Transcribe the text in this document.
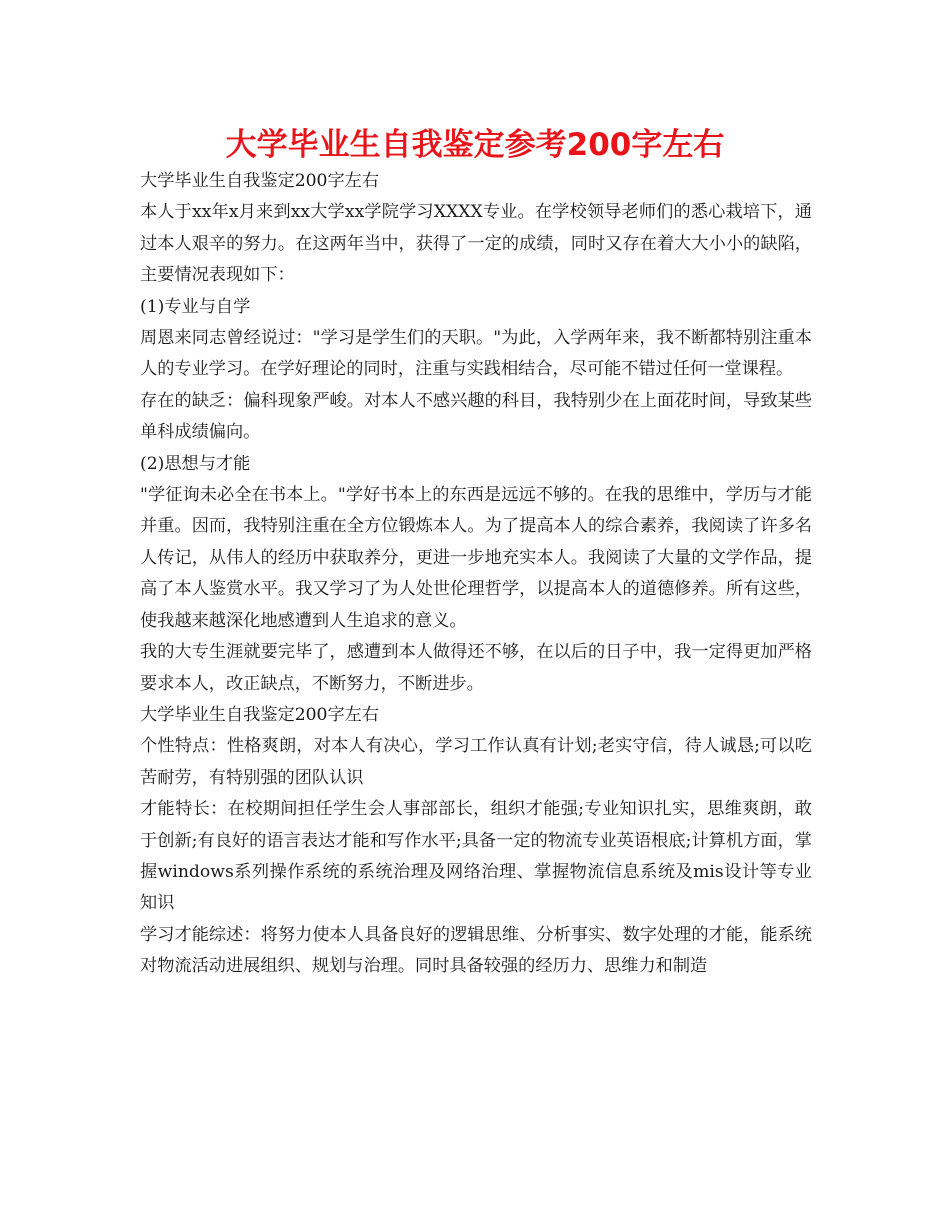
大学毕业生自我鉴定参考200字左右

大学毕业生自我鉴定200字左右

本人于xx年x月来到xx大学xx学院学习XXXX专业。在学校领导老师们的悉心栽培下，通过本人艰辛的努力。在这两年当中，获得了一定的成绩，同时又存在着大大小小的缺陷，主要情况表现如下：

(1)专业与自学

周恩来同志曾经说过："学习是学生们的天职。"为此，入学两年来，我不断都特别注重本人的专业学习。在学好理论的同时，注重与实践相结合，尽可能不错过任何一堂课程。

存在的缺乏：偏科现象严峻。对本人不感兴趣的科目，我特别少在上面花时间，导致某些单科成绩偏向。

(2)思想与才能

"学征询未必全在书本上。"学好书本上的东西是远远不够的。在我的思维中，学历与才能并重。因而，我特别注重在全方位锻炼本人。为了提高本人的综合素养，我阅读了许多名人传记，从伟人的经历中获取养分，更进一步地充实本人。我阅读了大量的文学作品，提高了本人鉴赏水平。我又学习了为人处世伦理哲学，以提高本人的道德修养。所有这些，使我越来越深化地感遭到人生追求的意义。

我的大专生涯就要完毕了，感遭到本人做得还不够，在以后的日子中，我一定得更加严格要求本人，改正缺点，不断努力，不断进步。

大学毕业生自我鉴定200字左右

个性特点：性格爽朗，对本人有决心，学习工作认真有计划;老实守信，待人诚恳;可以吃苦耐劳，有特别强的团队认识

才能特长：在校期间担任学生会人事部部长，组织才能强;专业知识扎实，思维爽朗，敢于创新;有良好的语言表达才能和写作水平;具备一定的物流专业英语根底;计算机方面，掌握windows系列操作系统的系统治理及网络治理、掌握物流信息系统及mis设计等专业知识

学习才能综述：将努力使本人具备良好的逻辑思维、分析事实、数字处理的才能，能系统对物流活动进展组织、规划与治理。同时具备较强的经历力、思维力和制造
